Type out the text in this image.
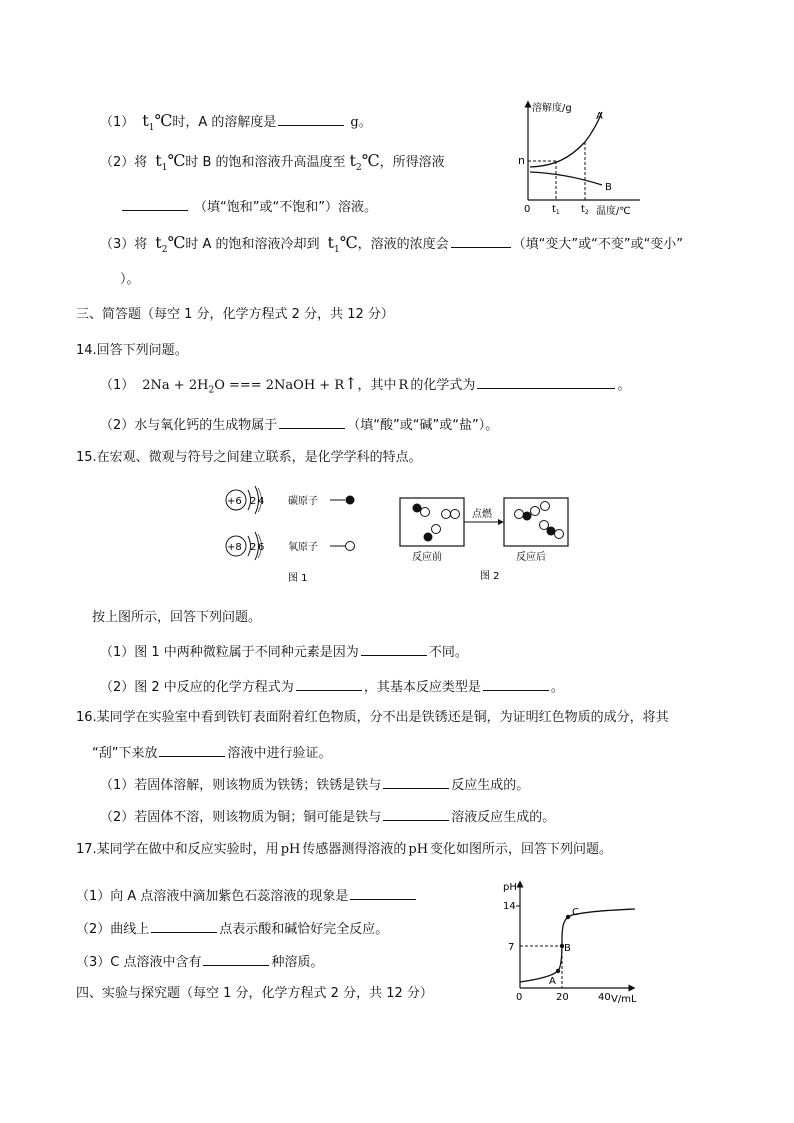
（1） $t_1℃$时，A 的溶解度是	g。
（2）将 $t_1℃$时 B 的饱和溶液升高温度至 $t_2℃$，所得溶液
（填“饱和”或“不饱和”）溶液。
（3）将 $t_2℃$时 A 的饱和溶液冷却到 $t_1℃$，溶液的浓度会	（填“变大”或“不变”或“变小”
）。
溶解度/g
A
B
n
0 $t_1$ $t_2$ 温度/℃
三、简答题（每空 1 分，化学方程式 2 分，共 12 分）
14.回答下列问题。
（1） $2Na + 2H_2O$ === 2NaOH + R↑，其中 R 的化学式为	。
（2）水与氧化钙的生成物属于	（填“酸”或“碱”或“盐”）。
15.在宏观、微观与符号之间建立联系，是化学学科的特点。
+6 2 4 碳原子
+8 2 6 氧原子
图 1
点燃
反应前	反应后
图 2
按上图所示，回答下列问题。
（1）图 1 中两种微粒属于不同种元素是因为	不同。
（2）图 2 中反应的化学方程式为	，其基本反应类型是	。
16.某同学在实验室中看到铁钉表面附着红色物质，分不出是铁锈还是铜，为证明红色物质的成分，将其
“刮”下来放	溶液中进行验证。
（1）若固体溶解，则该物质为铁锈；铁锈是铁与	反应生成的。
（2）若固体不溶，则该物质为铜；铜可能是铁与	溶液反应生成的。
17.某同学在做中和反应实验时，用 pH 传感器测得溶液的 pH 变化如图所示，回答下列问题。
（1）向 A 点溶液中滴加紫色石蕊溶液的现象是
（2）曲线上	点表示酸和碱恰好完全反应。
（3）C 点溶液中含有	种溶质。
pH
14
7
0	20	40 V/mL
A
B
C
四、实验与探究题（每空 1 分，化学方程式 2 分，共 12 分）
